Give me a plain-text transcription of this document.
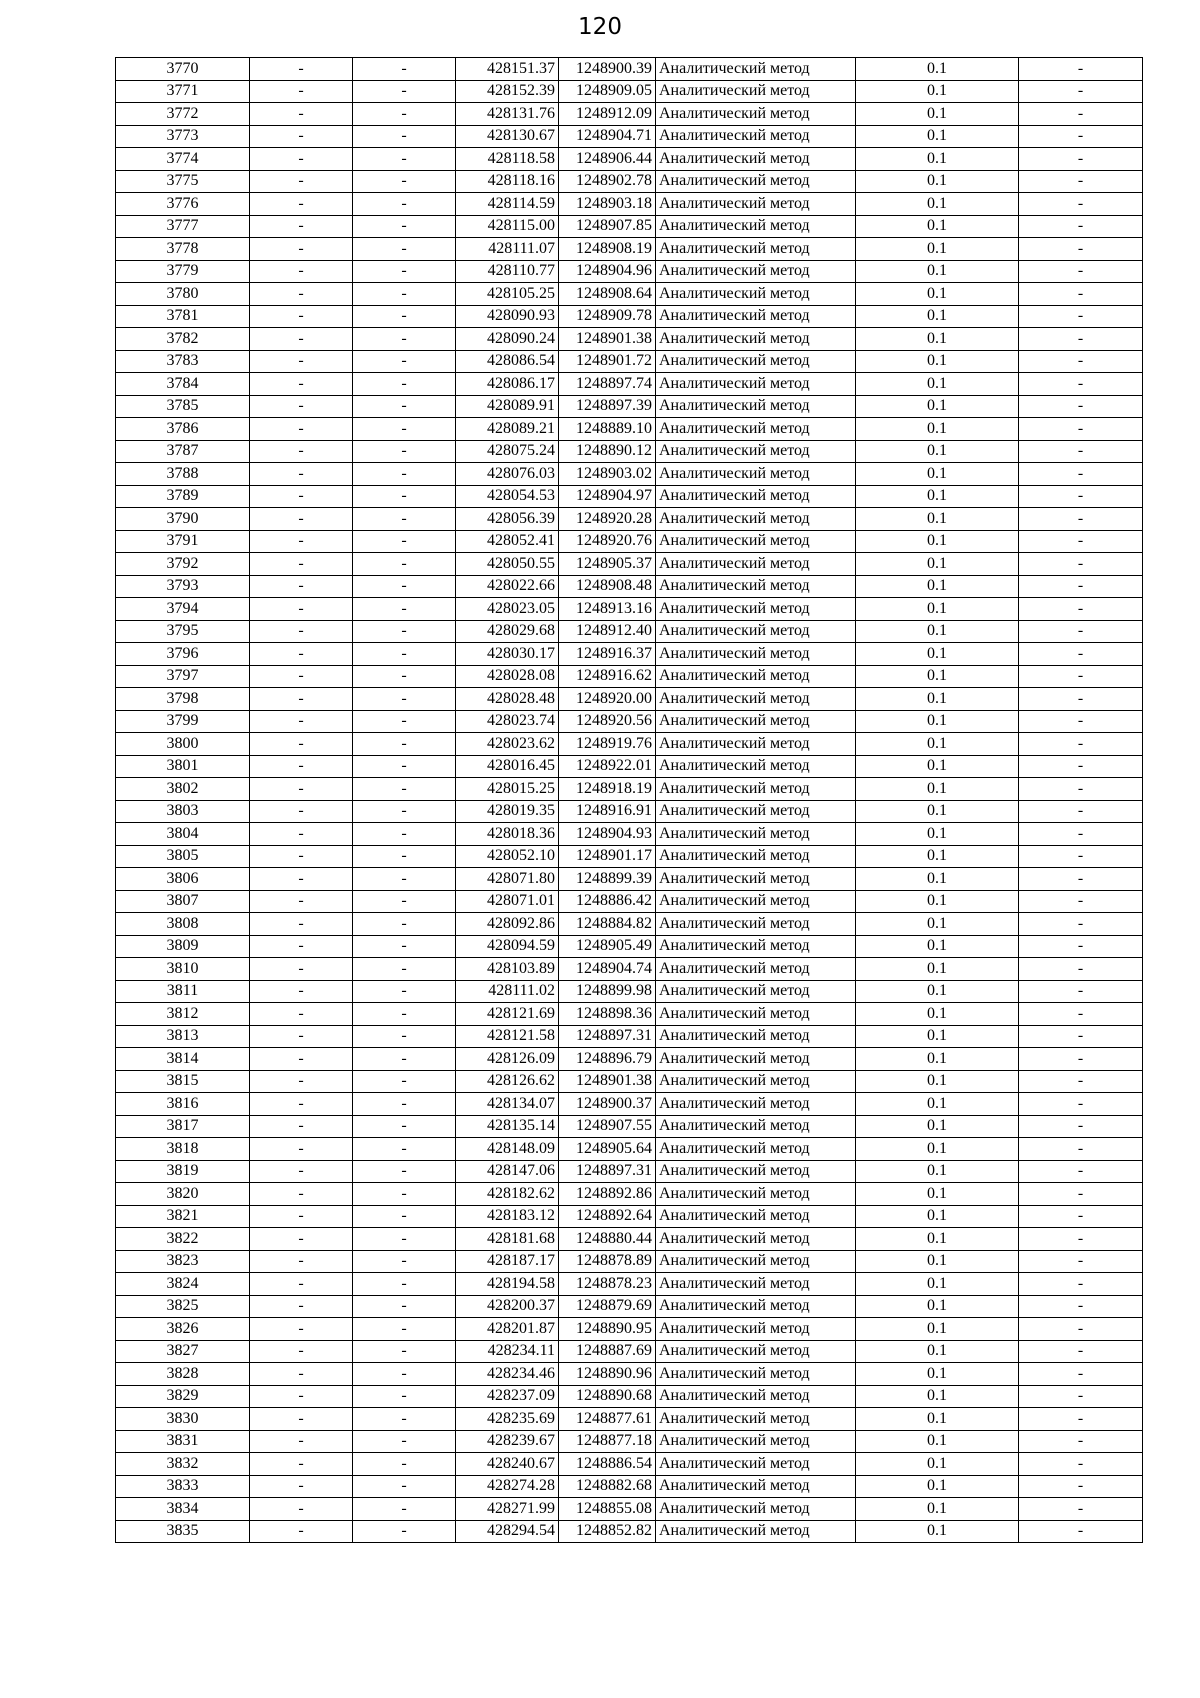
120
3770	-	-	428151.37	1248900.39	Аналитический метод	0.1	-
3771	-	-	428152.39	1248909.05	Аналитический метод	0.1	-
3772	-	-	428131.76	1248912.09	Аналитический метод	0.1	-
3773	-	-	428130.67	1248904.71	Аналитический метод	0.1	-
3774	-	-	428118.58	1248906.44	Аналитический метод	0.1	-
3775	-	-	428118.16	1248902.78	Аналитический метод	0.1	-
3776	-	-	428114.59	1248903.18	Аналитический метод	0.1	-
3777	-	-	428115.00	1248907.85	Аналитический метод	0.1	-
3778	-	-	428111.07	1248908.19	Аналитический метод	0.1	-
3779	-	-	428110.77	1248904.96	Аналитический метод	0.1	-
3780	-	-	428105.25	1248908.64	Аналитический метод	0.1	-
3781	-	-	428090.93	1248909.78	Аналитический метод	0.1	-
3782	-	-	428090.24	1248901.38	Аналитический метод	0.1	-
3783	-	-	428086.54	1248901.72	Аналитический метод	0.1	-
3784	-	-	428086.17	1248897.74	Аналитический метод	0.1	-
3785	-	-	428089.91	1248897.39	Аналитический метод	0.1	-
3786	-	-	428089.21	1248889.10	Аналитический метод	0.1	-
3787	-	-	428075.24	1248890.12	Аналитический метод	0.1	-
3788	-	-	428076.03	1248903.02	Аналитический метод	0.1	-
3789	-	-	428054.53	1248904.97	Аналитический метод	0.1	-
3790	-	-	428056.39	1248920.28	Аналитический метод	0.1	-
3791	-	-	428052.41	1248920.76	Аналитический метод	0.1	-
3792	-	-	428050.55	1248905.37	Аналитический метод	0.1	-
3793	-	-	428022.66	1248908.48	Аналитический метод	0.1	-
3794	-	-	428023.05	1248913.16	Аналитический метод	0.1	-
3795	-	-	428029.68	1248912.40	Аналитический метод	0.1	-
3796	-	-	428030.17	1248916.37	Аналитический метод	0.1	-
3797	-	-	428028.08	1248916.62	Аналитический метод	0.1	-
3798	-	-	428028.48	1248920.00	Аналитический метод	0.1	-
3799	-	-	428023.74	1248920.56	Аналитический метод	0.1	-
3800	-	-	428023.62	1248919.76	Аналитический метод	0.1	-
3801	-	-	428016.45	1248922.01	Аналитический метод	0.1	-
3802	-	-	428015.25	1248918.19	Аналитический метод	0.1	-
3803	-	-	428019.35	1248916.91	Аналитический метод	0.1	-
3804	-	-	428018.36	1248904.93	Аналитический метод	0.1	-
3805	-	-	428052.10	1248901.17	Аналитический метод	0.1	-
3806	-	-	428071.80	1248899.39	Аналитический метод	0.1	-
3807	-	-	428071.01	1248886.42	Аналитический метод	0.1	-
3808	-	-	428092.86	1248884.82	Аналитический метод	0.1	-
3809	-	-	428094.59	1248905.49	Аналитический метод	0.1	-
3810	-	-	428103.89	1248904.74	Аналитический метод	0.1	-
3811	-	-	428111.02	1248899.98	Аналитический метод	0.1	-
3812	-	-	428121.69	1248898.36	Аналитический метод	0.1	-
3813	-	-	428121.58	1248897.31	Аналитический метод	0.1	-
3814	-	-	428126.09	1248896.79	Аналитический метод	0.1	-
3815	-	-	428126.62	1248901.38	Аналитический метод	0.1	-
3816	-	-	428134.07	1248900.37	Аналитический метод	0.1	-
3817	-	-	428135.14	1248907.55	Аналитический метод	0.1	-
3818	-	-	428148.09	1248905.64	Аналитический метод	0.1	-
3819	-	-	428147.06	1248897.31	Аналитический метод	0.1	-
3820	-	-	428182.62	1248892.86	Аналитический метод	0.1	-
3821	-	-	428183.12	1248892.64	Аналитический метод	0.1	-
3822	-	-	428181.68	1248880.44	Аналитический метод	0.1	-
3823	-	-	428187.17	1248878.89	Аналитический метод	0.1	-
3824	-	-	428194.58	1248878.23	Аналитический метод	0.1	-
3825	-	-	428200.37	1248879.69	Аналитический метод	0.1	-
3826	-	-	428201.87	1248890.95	Аналитический метод	0.1	-
3827	-	-	428234.11	1248887.69	Аналитический метод	0.1	-
3828	-	-	428234.46	1248890.96	Аналитический метод	0.1	-
3829	-	-	428237.09	1248890.68	Аналитический метод	0.1	-
3830	-	-	428235.69	1248877.61	Аналитический метод	0.1	-
3831	-	-	428239.67	1248877.18	Аналитический метод	0.1	-
3832	-	-	428240.67	1248886.54	Аналитический метод	0.1	-
3833	-	-	428274.28	1248882.68	Аналитический метод	0.1	-
3834	-	-	428271.99	1248855.08	Аналитический метод	0.1	-
3835	-	-	428294.54	1248852.82	Аналитический метод	0.1	-
